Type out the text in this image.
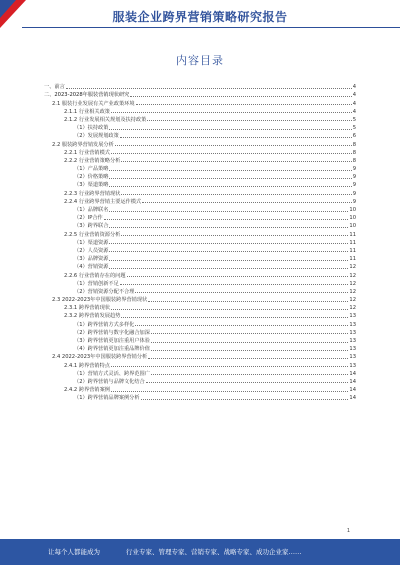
服装企业跨界营销策略研究报告
内容目录
一、前言	4
二、2023-2028年服装营销现状研究	4
2.1 服装行业发展有关产业政策环境	4
2.1.1 行业相关政策	4
2.1.2 行业发展相关规划及扶持政策	5
（1）扶持政策	5
（2）发展规划政策	6
2.2 服装跨界营销发展分析	8
2.2.1 行业营销模式	8
2.2.2 行业营销策略分析	8
（1）产品策略	9
（2）价格策略	9
（3）渠道策略	9
2.2.3 行业跨界营销现状	9
2.2.4 行业跨界营销主要运作模式	9
（1）品牌联名	10
（2）IP合作	10
（3）跨界联合	10
2.2.5 行业营销资源分析	11
（1）渠道资源	11
（2）人员资源	11
（3）品牌资源	11
（4）营销资源	12
2.2.6 行业营销存在的问题	12
（1）营销创新不足	12
（2）营销资源分配不合理	12
2.3 2022-2023年中国服装跨界营销现状	12
2.3.1 跨界营销现状	12
2.3.2 跨界营销发展趋势	13
（1）跨界营销方式多样化	13
（2）跨界营销与数字化融合加深	13
（3）跨界营销更加注重用户体验	13
（4）跨界营销更加注重品牌价值	13
2.4 2022-2023年中国服装跨界营销分析	13
2.4.1 跨界营销特点	13
（1）营销方式灵活、跨界范围广	14
（2）跨界营销与品牌文化结合	14
2.4.2 跨界营销案例	14
（1）跨界营销品牌案例分析	14
1
让每个人都能成为	行业专家、管理专家、营销专家、战略专家、成功企业家……
